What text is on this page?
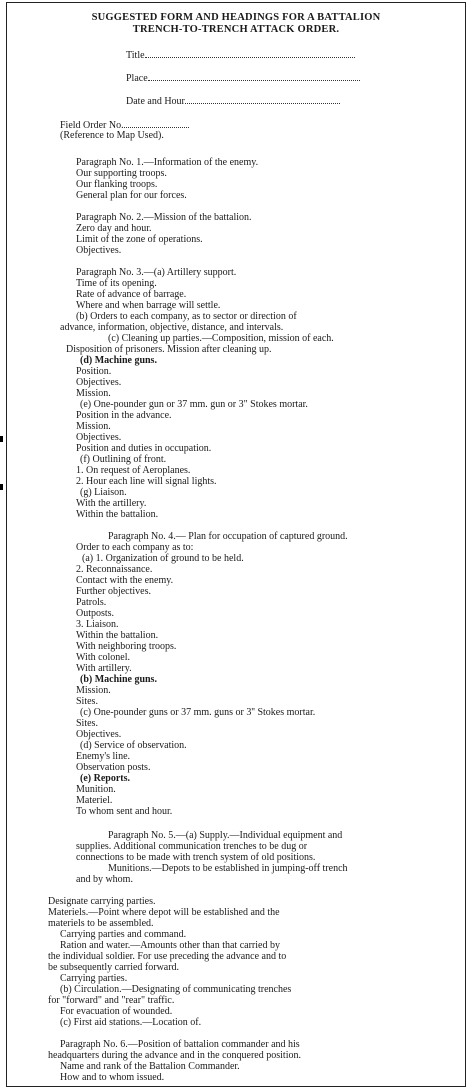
SUGGESTED FORM AND HEADINGS FOR A BATTALION
TRENCH-TO-TRENCH ATTACK ORDER.
Title
Place
Date and Hour
Field Order No.
(Reference to Map Used).
Paragraph No. 1.—Information of the enemy.
Our supporting troops.
Our flanking troops.
General plan for our forces.
Paragraph No. 2.—Mission of the battalion.
Zero day and hour.
Limit of the zone of operations.
Objectives.
Paragraph No. 3.—(a) Artillery support.
Time of its opening.
Rate of advance of barrage.
Where and when barrage will settle.
(b) Orders to each company, as to sector or direction of
advance, information, objective, distance, and intervals.
(c) Cleaning up parties.—Composition, mission of each.
Disposition of prisoners. Mission after cleaning up.
(d) Machine guns.
Position.
Objectives.
Mission.
(e) One-pounder gun or 37 mm. gun or 3" Stokes mortar.
Position in the advance.
Mission.
Objectives.
Position and duties in occupation.
(f) Outlining of front.
1. On request of Aeroplanes.
2. Hour each line will signal lights.
(g) Liaison.
With the artillery.
Within the battalion.
Paragraph No. 4.— Plan for occupation of captured ground.
Order to each company as to:
(a) 1. Organization of ground to be held.
2. Reconnaissance.
Contact with the enemy.
Further objectives.
Patrols.
Outposts.
3. Liaison.
Within the battalion.
With neighboring troops.
With colonel.
With artillery.
(b) Machine guns.
Mission.
Sites.
(c) One-pounder guns or 37 mm. guns or 3'' Stokes mortar.
Sites.
Objectives.
(d) Service of observation.
Enemy's line.
Observation posts.
(e) Reports.
Munition.
Materiel.
To whom sent and hour.
Paragraph No. 5.—(a) Supply.—Individual equipment and
supplies. Additional communication trenches to be dug or
connections to be made with trench system of old positions.
Munitions.—Depots to be established in jumping-off trench
and by whom.
Designate carrying parties.
Materiels.—Point where depot will be established and the
materiels to be assembled.
Carrying parties and command.
Ration and water.—Amounts other than that carried by
the individual soldier. For use preceding the advance and to
be subsequently carried forward.
Carrying parties.
(b) Circulation.—Designating of communicating trenches
for "forward" and "rear" traffic.
For evacuation of wounded.
(c) First aid stations.—Location of.
Paragraph No. 6.—Position of battalion commander and his
headquarters during the advance and in the conquered position.
Name and rank of the Battalion Commander.
How and to whom issued.
